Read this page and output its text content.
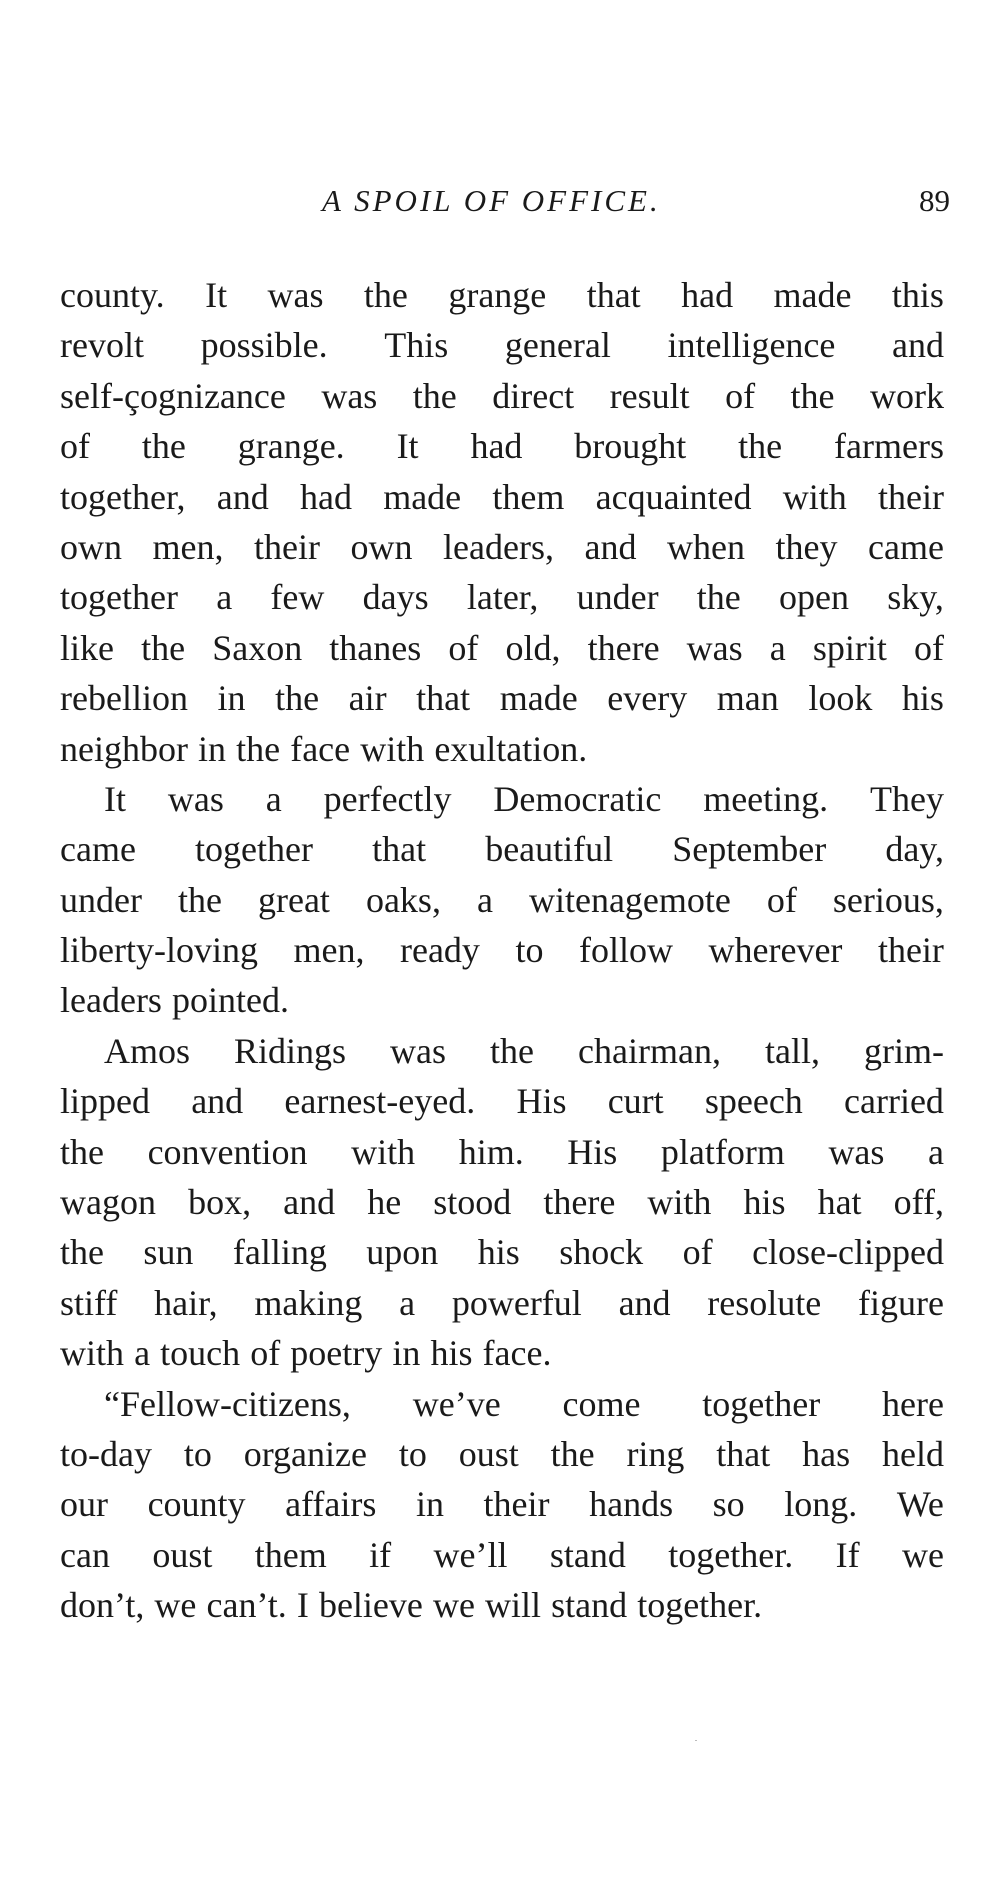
A SPOIL OF OFFICE.	89
county. It was the grange that had made this
revolt possible. This general intelligence and
self-çognizance was the direct result of the work
of the grange. It had brought the farmers
together, and had made them acquainted with their
own men, their own leaders, and when they came
together a few days later, under the open sky,
like the Saxon thanes of old, there was a spirit of
rebellion in the air that made every man look his
neighbor in the face with exultation.
It was a perfectly Democratic meeting. They
came together that beautiful September day,
under the great oaks, a witenagemote of serious,
liberty-loving men, ready to follow wherever their
leaders pointed.
Amos Ridings was the chairman, tall, grim-
lipped and earnest-eyed. His curt speech carried
the convention with him. His platform was a
wagon box, and he stood there with his hat off,
the sun falling upon his shock of close-clipped
stiff hair, making a powerful and resolute figure
with a touch of poetry in his face.
“Fellow-citizens, we’ve come together here
to-day to organize to oust the ring that has held
our county affairs in their hands so long. We
can oust them if we’ll stand together. If we
don’t, we can’t. I believe we will stand together.
